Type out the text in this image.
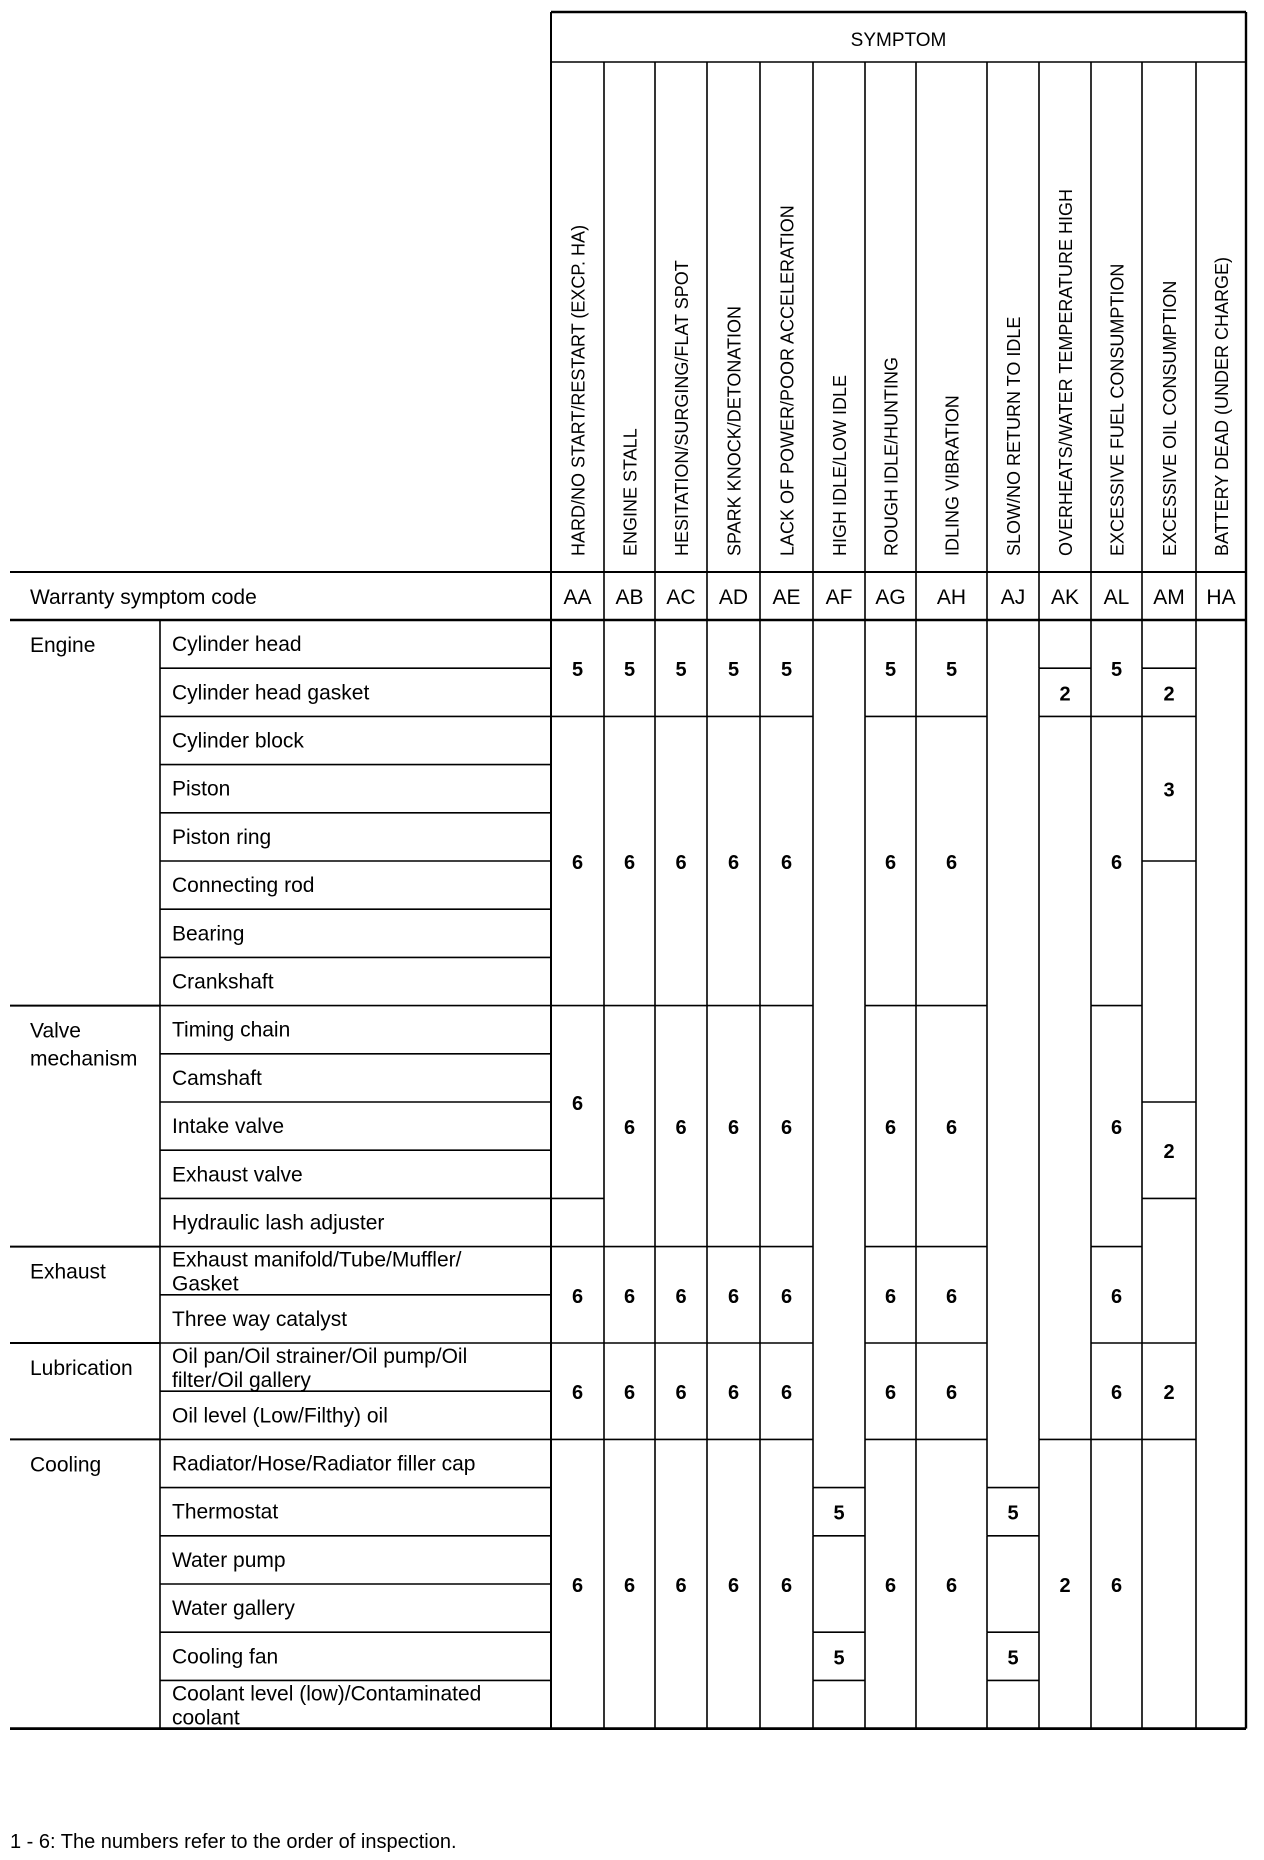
SYMPTOM
HARD/NO START/RESTART (EXCP. HA)
AA
ENGINE STALL
AB
HESITATION/SURGING/FLAT SPOT
AC
SPARK KNOCK/DETONATION
AD
LACK OF POWER/POOR ACCELERATION
AE
HIGH IDLE/LOW IDLE
AF
ROUGH IDLE/HUNTING
AG
IDLING VIBRATION
AH
SLOW/NO RETURN TO IDLE
AJ
OVERHEATS/WATER TEMPERATURE HIGH
AK
EXCESSIVE FUEL CONSUMPTION
AL
EXCESSIVE OIL CONSUMPTION
AM
BATTERY DEAD (UNDER CHARGE)
HA
Warranty symptom code
Engine
Valve
mechanism
Exhaust
Lubrication
Cooling
Cylinder head
Cylinder head gasket
Cylinder block
Piston
Piston ring
Connecting rod
Bearing
Crankshaft
Timing chain
Camshaft
Intake valve
Exhaust valve
Hydraulic lash adjuster
Exhaust manifold/Tube/Muffler/
Gasket
Three way catalyst
Oil pan/Oil strainer/Oil pump/Oil
filter/Oil gallery
Oil level (Low/Filthy) oil
Radiator/Hose/Radiator filler cap
Thermostat
Water pump
Water gallery
Cooling fan
Coolant level (low)/Contaminated
coolant
5
6
6
6
6
6
5
6
6
6
6
6
5
6
6
6
6
6
5
6
6
6
6
6
5
6
6
6
6
6
5
5
5
6
6
6
6
6
5
6
6
6
6
6
5
5
2
2
5
6
6
6
6
6
2
3
2
2
1 - 6: The numbers refer to the order of inspection.
